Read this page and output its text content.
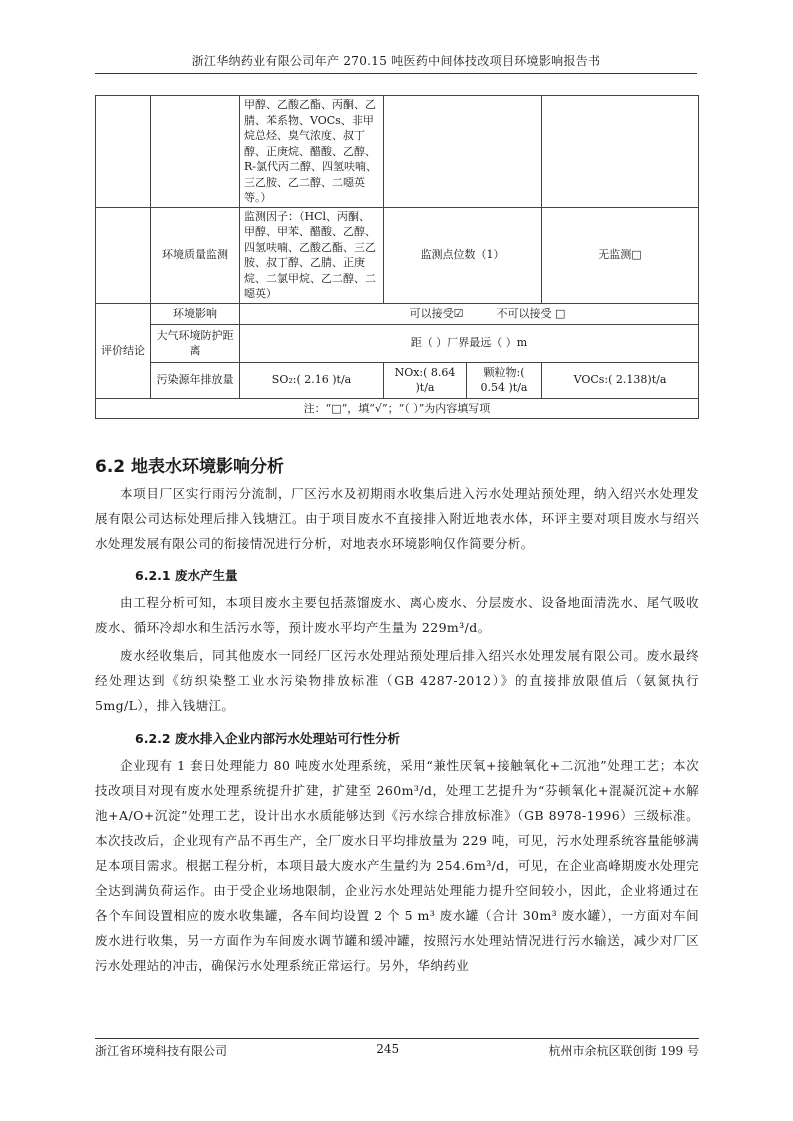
浙江华纳药业有限公司年产 270.15 吨医药中间体技改项目环境影响报告书
		甲醇、乙酸乙酯、丙酮、乙腈、苯系物、VOCs、非甲烷总烃、臭气浓度、叔丁醇、正庚烷、醋酸、乙醇、R-氯代丙二醇、四氢呋喃、三乙胺、乙二醇、二噁英等。）			
	环境质量监测	监测因子：（HCl、丙酮、甲醇、甲苯、醋酸、乙醇、四氢呋喃、乙酸乙酯、三乙胺、叔丁醇、乙腈、正庚烷、二氯甲烷、乙二醇、二噁英）	监测点位数（1）		无监测□
评价结论	环境影响	可以接受☑		不可以接受 □	
	大气环境防护距离	距（ ）厂界最远（ ）m			
	污染源年排放量	SO₂:( 2.16 )t/a	NOx:( 8.64 )t/a	颗粒物:( 0.54 )t/a	VOCs:( 2.138)t/a
注：“□”，填“√”；“（ ）”为内容填写项					
6.2 地表水环境影响分析
本项目厂区实行雨污分流制，厂区污水及初期雨水收集后进入污水处理站预处理，纳入绍兴水处理发展有限公司达标处理后排入钱塘江。由于项目废水不直接排入附近地表水体，环评主要对项目废水与绍兴水处理发展有限公司的衔接情况进行分析，对地表水环境影响仅作简要分析。
6.2.1 废水产生量
由工程分析可知，本项目废水主要包括蒸馏废水、离心废水、分层废水、设备地面清洗水、尾气吸收废水、循环冷却水和生活污水等，预计废水平均产生量为 229m³/d。
废水经收集后，同其他废水一同经厂区污水处理站预处理后排入绍兴水处理发展有限公司。废水最终经处理达到《纺织染整工业水污染物排放标准（GB 4287-2012）》的直接排放限值后（氨氮执行 5mg/L），排入钱塘江。
6.2.2 废水排入企业内部污水处理站可行性分析
企业现有 1 套日处理能力 80 吨废水处理系统，采用“兼性厌氧+接触氧化+二沉池”处理工艺；本次技改项目对现有废水处理系统提升扩建，扩建至 260m³/d，处理工艺提升为“芬顿氧化+混凝沉淀+水解池+A/O+沉淀”处理工艺，设计出水水质能够达到《污水综合排放标准》（GB 8978-1996）三级标准。本次技改后，企业现有产品不再生产，全厂废水日平均排放量为 229 吨，可见，污水处理系统容量能够满足本项目需求。根据工程分析，本项目最大废水产生量约为 254.6m³/d，可见，在企业高峰期废水处理完全达到满负荷运作。由于受企业场地限制，企业污水处理站处理能力提升空间较小，因此，企业将通过在各个车间设置相应的废水收集罐，各车间均设置 2 个 5 m³ 废水罐（合计 30m³ 废水罐），一方面对车间废水进行收集，另一方面作为车间废水调节罐和缓冲罐，按照污水处理站情况进行污水输送，减少对厂区污水处理站的冲击，确保污水处理系统正常运行。另外，华纳药业
浙江省环境科技有限公司	245	杭州市余杭区联创街 199 号
